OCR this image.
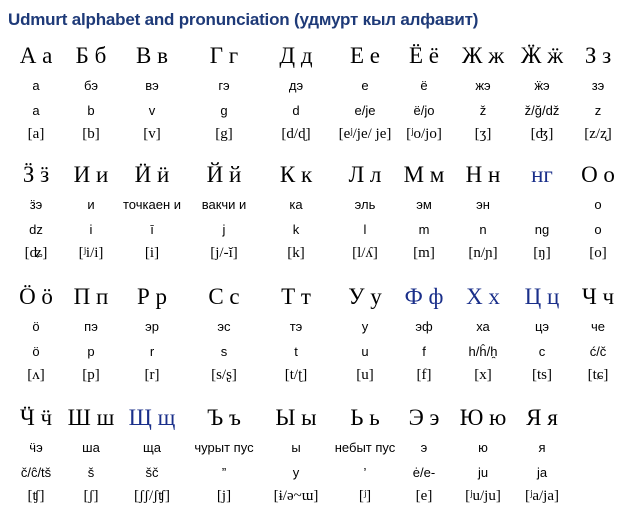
Udmurt alphabet and pronunciation (удмурт кыл алфавит)
А а
а
a
[a]
Б б
бэ
b
[b]
В в
вэ
v
[v]
Г г
гэ
g
[g]
Д д
дэ
d
[d/ɖ]
Е е
е
e/je
[eʲ/je/ je]
Ё ё
ё
ë/jo
[ʲo/jo]
Ж ж
жэ
ž
[ʒ]
Ӝ ӝ
ӝэ
ž/ğ/dž
[ʤ]
З з
зэ
z
[z/ʐ]
Ӟ ӟ
ӟэ
dz
[ʥ]
И и
и
i
[ʲi/i]
Ӥ ӥ
точкаен и
ī
[i]
Й й
вакчи и
j
[j/-ĭ]
К к
ка
k
[k]
Л л
эль
l
[l/ʎ]
М м
эм
m
[m]
Н н
эн
n
[n/ɲ]
нг
ng
[ŋ]
О о
о
o
[o]
Ӧ ӧ
ӧ
ö
[ʌ]
П п
пэ
p
[p]
Р р
эр
r
[r]
С с
эс
s
[s/ʂ]
Т т
тэ
t
[t/ʈ]
У у
у
u
[u]
Ф ф
эф
f
[f]
Х х
ха
h/ĥ/h̯
[x]
Ц ц
цэ
c
[ts]
Ч ч
че
ć/č
[tɕ]
Ӵ ӵ
ӵэ
č/ĉ/tš
[ʧ]
Ш ш
ша
š
[ʃ]
Щ щ
ща
šč
[ʃʃ/ʃʧ]
Ъ ъ
чурыт пус
”
[j]
Ы ы
ы
y
[ɨ/ə~ɯ]
Ь ь
небыт пус
’
[ʲ]
Э э
э
ė/e-
[e]
Ю ю
ю
ju
[ʲu/ju]
Я я
я
ja
[ʲa/ja]
